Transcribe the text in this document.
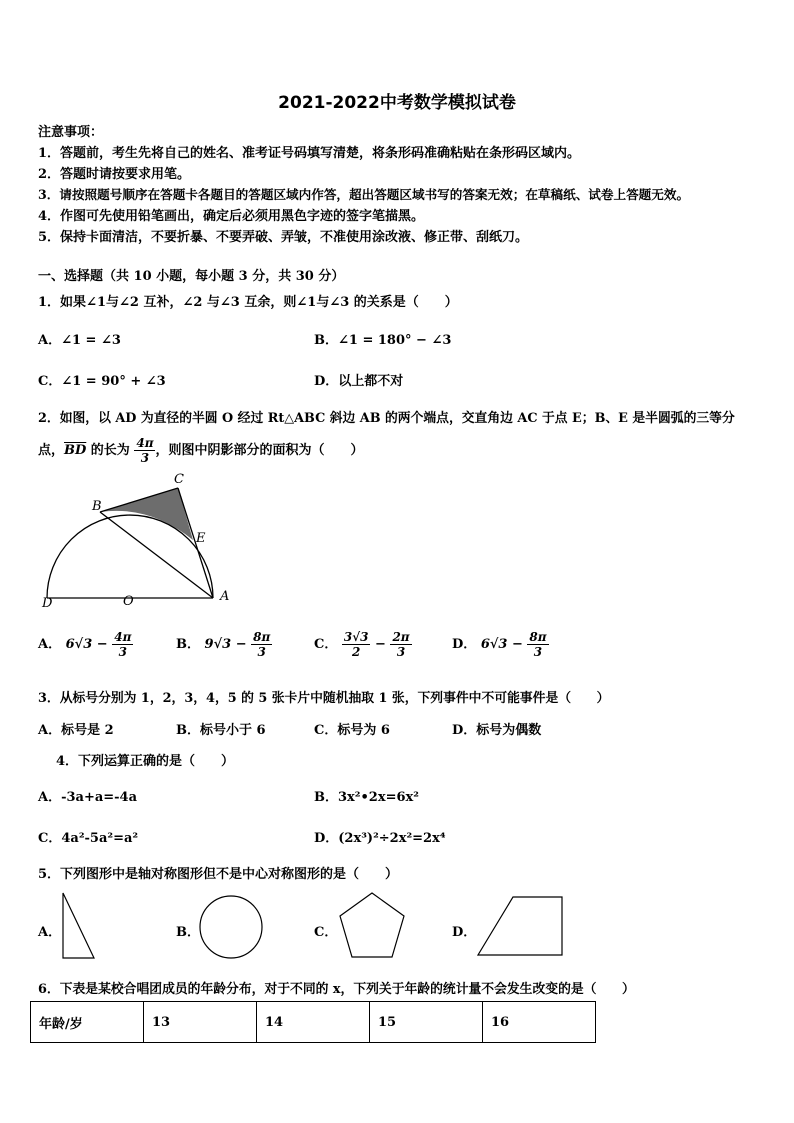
2021-2022中考数学模拟试卷
注意事项：
1．答题前，考生先将自己的姓名、准考证号码填写清楚，将条形码准确粘贴在条形码区域内。
2．答题时请按要求用笔。
3．请按照题号顺序在答题卡各题目的答题区域内作答，超出答题区域书写的答案无效；在草稿纸、试卷上答题无效。
4．作图可先使用铅笔画出，确定后必须用黑色字迹的签字笔描黑。
5．保持卡面清洁，不要折暴、不要弄破、弄皱，不准使用涂改液、修正带、刮纸刀。
一、选择题（共 10 小题，每小题 3 分，共 30 分）
1．如果∠1与∠2 互补，∠2 与∠3 互余，则∠1与∠3 的关系是（　　）
A．∠1 = ∠3	B．∠1 = 180° − ∠3
C．∠1 = 90° + ∠3	D．以上都不对
2．如图，以 AD 为直径的半圆 O 经过 Rt△ABC 斜边 AB 的两个端点，交直角边 AC 于点 E；B、E 是半圆弧的三等分
点，$\overline{BD}$ 的长为 $\frac{4\pi}{3}$ ，则图中阴影部分的面积为（　　）
B
C
E
D	O	A
A． $6√3 - \frac{4\pi}{3}$	B． $9√3 - \frac{8\pi}{3}$	C． $\frac{3√3}{2} - \frac{2\pi}{3}$	D． $6√3 - \frac{8\pi}{3}$
3．从标号分别为 1，2，3，4，5 的 5 张卡片中随机抽取 1 张，下列事件中不可能事件是（　　）
A．标号是 2	B．标号小于 6	C．标号为 6	D．标号为偶数
4．下列运算正确的是（　　）
A．-3a+a=-4a	B．3x²•2x=6x²
C．4a²-5a²=a²	D．(2x³)²÷2x²=2x⁴
5．下列图形中是轴对称图形但不是中心对称图形的是（　　）
A．	B．	C．	D．
6．下表是某校合唱团成员的年龄分布，对于不同的 x，下列关于年龄的统计量不会发生改变的是（　　）
年龄/岁	13	14	15	16
